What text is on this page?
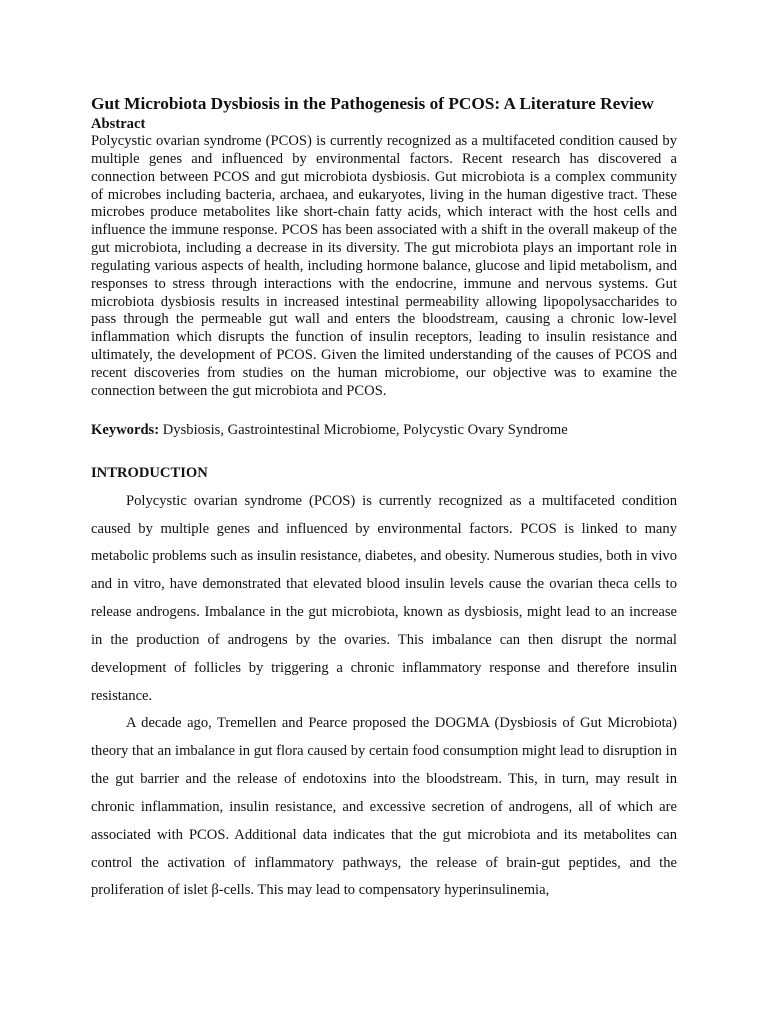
Gut Microbiota Dysbiosis in the Pathogenesis of PCOS: A Literature Review
Abstract

Polycystic ovarian syndrome (PCOS) is currently recognized as a multifaceted condition caused by multiple genes and influenced by environmental factors. Recent research has discovered a connection between PCOS and gut microbiota dysbiosis. Gut microbiota is a complex community of microbes including bacteria, archaea, and eukaryotes, living in the human digestive tract. These microbes produce metabolites like short-chain fatty acids, which interact with the host cells and influence the immune response. PCOS has been associated with a shift in the overall makeup of the gut microbiota, including a decrease in its diversity. The gut microbiota plays an important role in regulating various aspects of health, including hormone balance, glucose and lipid metabolism, and responses to stress through interactions with the endocrine, immune and nervous systems. Gut microbiota dysbiosis results in increased intestinal permeability allowing lipopolysaccharides to pass through the permeable gut wall and enters the bloodstream, causing a chronic low-level inflammation which disrupts the function of insulin receptors, leading to insulin resistance and ultimately, the development of PCOS. Given the limited understanding of the causes of PCOS and recent discoveries from studies on the human microbiome, our objective was to examine the connection between the gut microbiota and PCOS.

Keywords: Dysbiosis, Gastrointestinal Microbiome, Polycystic Ovary Syndrome

INTRODUCTION

Polycystic ovarian syndrome (PCOS) is currently recognized as a multifaceted condition caused by multiple genes and influenced by environmental factors. PCOS is linked to many metabolic problems such as insulin resistance, diabetes, and obesity. Numerous studies, both in vivo and in vitro, have demonstrated that elevated blood insulin levels cause the ovarian theca cells to release androgens. Imbalance in the gut microbiota, known as dysbiosis, might lead to an increase in the production of androgens by the ovaries. This imbalance can then disrupt the normal development of follicles by triggering a chronic inflammatory response and therefore insulin resistance.

A decade ago, Tremellen and Pearce proposed the DOGMA (Dysbiosis of Gut Microbiota) theory that an imbalance in gut flora caused by certain food consumption might lead to disruption in the gut barrier and the release of endotoxins into the bloodstream. This, in turn, may result in chronic inflammation, insulin resistance, and excessive secretion of androgens, all of which are associated with PCOS. Additional data indicates that the gut microbiota and its metabolites can control the activation of inflammatory pathways, the release of brain-gut peptides, and the proliferation of islet β-cells. This may lead to compensatory hyperinsulinemia,
